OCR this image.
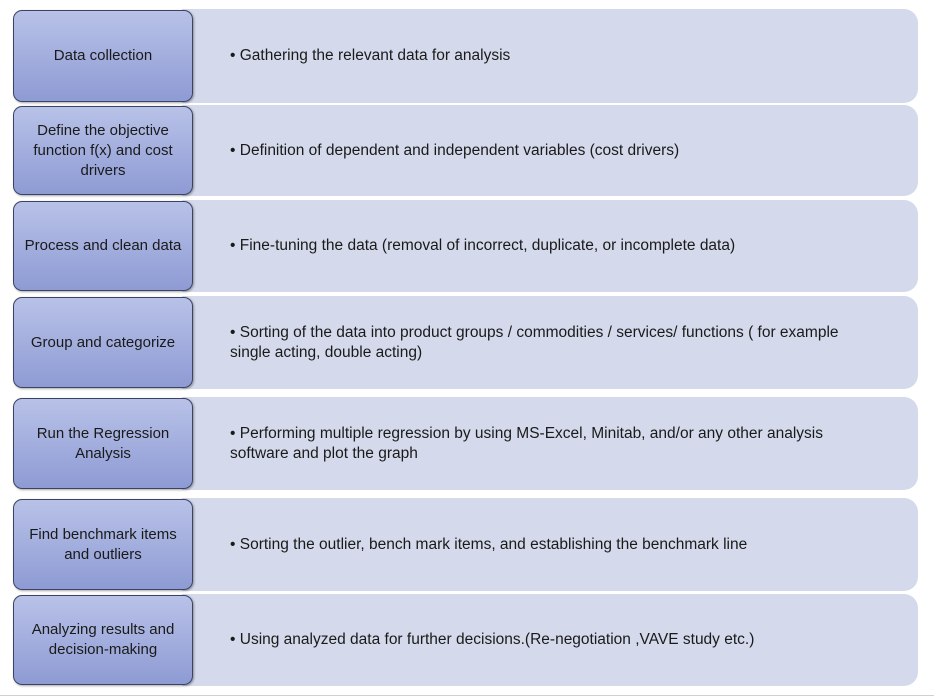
• Gathering the relevant data for analysis
Data collection
• Definition of dependent and independent variables (cost drivers)
Define the objective function f(x) and cost drivers
• Fine-tuning the data (removal of incorrect, duplicate, or incomplete data)
Process and clean data
• Sorting of the data into product groups / commodities / services/ functions ( for example single acting, double acting)
Group and categorize
• Performing multiple regression by using MS-Excel, Minitab, and/or any other analysis software and plot the graph
Run the Regression Analysis
• Sorting the outlier, bench mark items, and establishing the benchmark line
Find benchmark items and outliers
• Using analyzed data for further decisions.(Re-negotiation ,VAVE study etc.)
Analyzing results and decision-making
